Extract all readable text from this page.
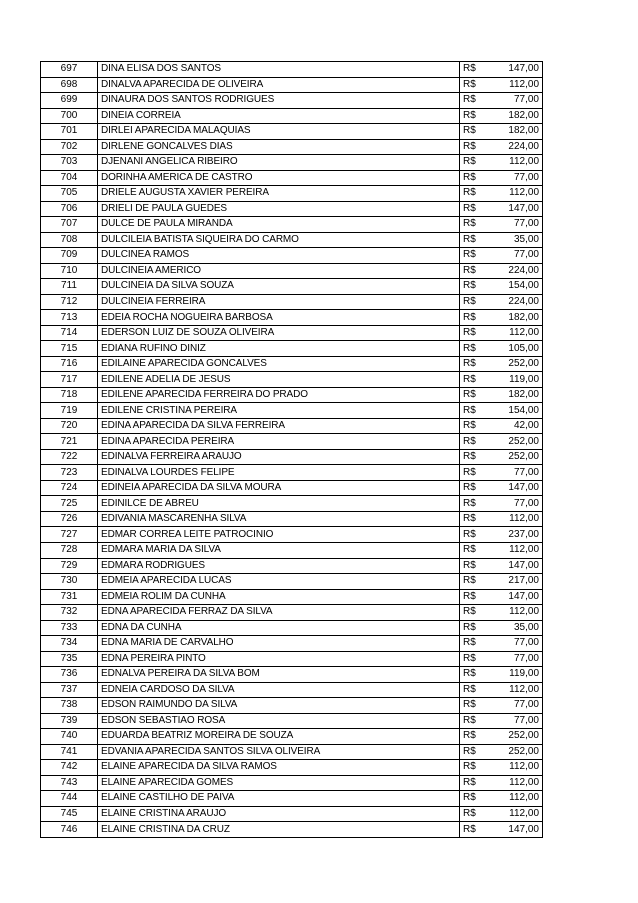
697	DINA ELISA DOS SANTOS	R$	147,00
698	DINALVA APARECIDA DE OLIVEIRA	R$	112,00
699	DINAURA DOS SANTOS RODRIGUES	R$	77,00
700	DINEIA CORREIA	R$	182,00
701	DIRLEI APARECIDA MALAQUIAS	R$	182,00
702	DIRLENE GONCALVES DIAS	R$	224,00
703	DJENANI ANGELICA RIBEIRO	R$	112,00
704	DORINHA AMERICA DE CASTRO	R$	77,00
705	DRIELE AUGUSTA XAVIER PEREIRA	R$	112,00
706	DRIELI DE PAULA GUEDES	R$	147,00
707	DULCE DE PAULA MIRANDA	R$	77,00
708	DULCILEIA BATISTA SIQUEIRA DO CARMO	R$	35,00
709	DULCINEA RAMOS	R$	77,00
710	DULCINEIA AMERICO	R$	224,00
711	DULCINEIA DA SILVA SOUZA	R$	154,00
712	DULCINEIA FERREIRA	R$	224,00
713	EDEIA ROCHA NOGUEIRA BARBOSA	R$	182,00
714	EDERSON LUIZ DE SOUZA OLIVEIRA	R$	112,00
715	EDIANA RUFINO DINIZ	R$	105,00
716	EDILAINE APARECIDA GONCALVES	R$	252,00
717	EDILENE ADELIA DE JESUS	R$	119,00
718	EDILENE APARECIDA FERREIRA DO PRADO	R$	182,00
719	EDILENE CRISTINA PEREIRA	R$	154,00
720	EDINA APARECIDA DA SILVA FERREIRA	R$	42,00
721	EDINA APARECIDA PEREIRA	R$	252,00
722	EDINALVA FERREIRA ARAUJO	R$	252,00
723	EDINALVA LOURDES FELIPE	R$	77,00
724	EDINEIA APARECIDA DA SILVA MOURA	R$	147,00
725	EDINILCE DE ABREU	R$	77,00
726	EDIVANIA MASCARENHA SILVA	R$	112,00
727	EDMAR CORREA LEITE PATROCINIO	R$	237,00
728	EDMARA MARIA DA SILVA	R$	112,00
729	EDMARA RODRIGUES	R$	147,00
730	EDMEIA APARECIDA LUCAS	R$	217,00
731	EDMEIA ROLIM DA CUNHA	R$	147,00
732	EDNA APARECIDA FERRAZ DA SILVA	R$	112,00
733	EDNA DA CUNHA	R$	35,00
734	EDNA MARIA DE CARVALHO	R$	77,00
735	EDNA PEREIRA PINTO	R$	77,00
736	EDNALVA PEREIRA DA SILVA BOM	R$	119,00
737	EDNEIA CARDOSO DA SILVA	R$	112,00
738	EDSON RAIMUNDO DA SILVA	R$	77,00
739	EDSON SEBASTIAO ROSA	R$	77,00
740	EDUARDA BEATRIZ MOREIRA DE SOUZA	R$	252,00
741	EDVANIA APARECIDA SANTOS SILVA OLIVEIRA	R$	252,00
742	ELAINE APARECIDA DA SILVA RAMOS	R$	112,00
743	ELAINE APARECIDA GOMES	R$	112,00
744	ELAINE CASTILHO DE PAIVA	R$	112,00
745	ELAINE CRISTINA ARAUJO	R$	112,00
746	ELAINE CRISTINA DA CRUZ	R$	147,00
